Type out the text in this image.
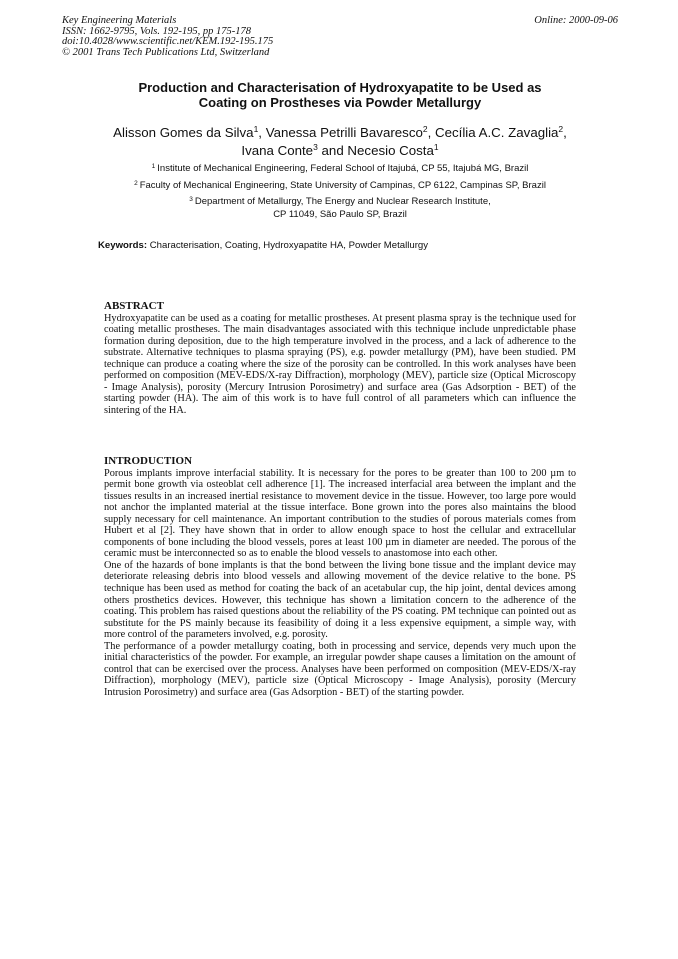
Key Engineering Materials
ISSN: 1662-9795, Vols. 192-195, pp 175-178
doi:10.4028/www.scientific.net/KEM.192-195.175
© 2001 Trans Tech Publications Ltd, Switzerland
Online: 2000-09-06
Production and Characterisation of Hydroxyapatite to be Used as
Coating on Prostheses via Powder Metallurgy
Alisson Gomes da Silva$^1$, Vanessa Petrilli Bavaresco$^2$, Cecília A.C. Zavaglia$^2$,
Ivana Conte$^3$ and Necesio Costa$^1$
$^1$ Institute of Mechanical Engineering, Federal School of Itajubá, CP 55, Itajubá MG, Brazil
$^2$ Faculty of Mechanical Engineering, State University of Campinas, CP 6122, Campinas SP, Brazil
$^3$ Department of Metallurgy, The Energy and Nuclear Research Institute,
CP 11049, São Paulo SP, Brazil
Keywords: Characterisation, Coating, Hydroxyapatite HA, Powder Metallurgy
ABSTRACT

Hydroxyapatite can be used as a coating for metallic prostheses. At present plasma spray is the technique used for coating metallic prostheses. The main disadvantages associated with this technique include unpredictable phase formation during deposition, due to the high temperature involved in the process, and a lack of adherence to the substrate. Alternative techniques to plasma spraying (PS), e.g. powder metallurgy (PM), have been studied. PM technique can produce a coating where the size of the porosity can be controlled. In this work analyses have been performed on composition (MEV-EDS/X-ray Diffraction), morphology (MEV), particle size (Optical Microscopy - Image Analysis), porosity (Mercury Intrusion Porosimetry) and surface area (Gas Adsorption - BET) of the starting powder (HA). The aim of this work is to have full control of all parameters which can influence the sintering of the HA.

INTRODUCTION

Porous implants improve interfacial stability. It is necessary for the pores to be greater than 100 to 200 µm to permit bone growth via osteoblat cell adherence [1]. The increased interfacial area between the implant and the tissues results in an increased inertial resistance to movement device in the tissue. However, too large pore would not anchor the implanted material at the tissue interface. Bone grown into the pores also maintains the blood supply necessary for cell maintenance. An important contribution to the studies of porous materials comes from Hubert et al [2]. They have shown that in order to allow enough space to host the cellular and extracellular components of bone including the blood vessels, pores at least 100 µm in diameter are needed. The porous of the ceramic must be interconnected so as to enable the blood vessels to anastomose into each other.

One of the hazards of bone implants is that the bond between the living bone tissue and the implant device may deteriorate releasing debris into blood vessels and allowing movement of the device relative to the bone. PS technique has been used as method for coating the back of an acetabular cup, the hip joint, dental devices among others prosthetics devices. However, this technique has shown a limitation concern to the adherence of the coating. This problem has raised questions about the reliability of the PS coating. PM technique can pointed out as substitute for the PS mainly because its feasibility of doing it a less expensive equipment, a simple way, with more control of the parameters involved, e.g. porosity.

The performance of a powder metallurgy coating, both in processing and service, depends very much upon the initial characteristics of the powder. For example, an irregular powder shape causes a limitation on the amount of control that can be exercised over the process. Analyses have been performed on composition (MEV-EDS/X-ray Diffraction), morphology (MEV), particle size (Optical Microscopy - Image Analysis), porosity (Mercury Intrusion Porosimetry) and surface area (Gas Adsorption - BET) of the starting powder.
